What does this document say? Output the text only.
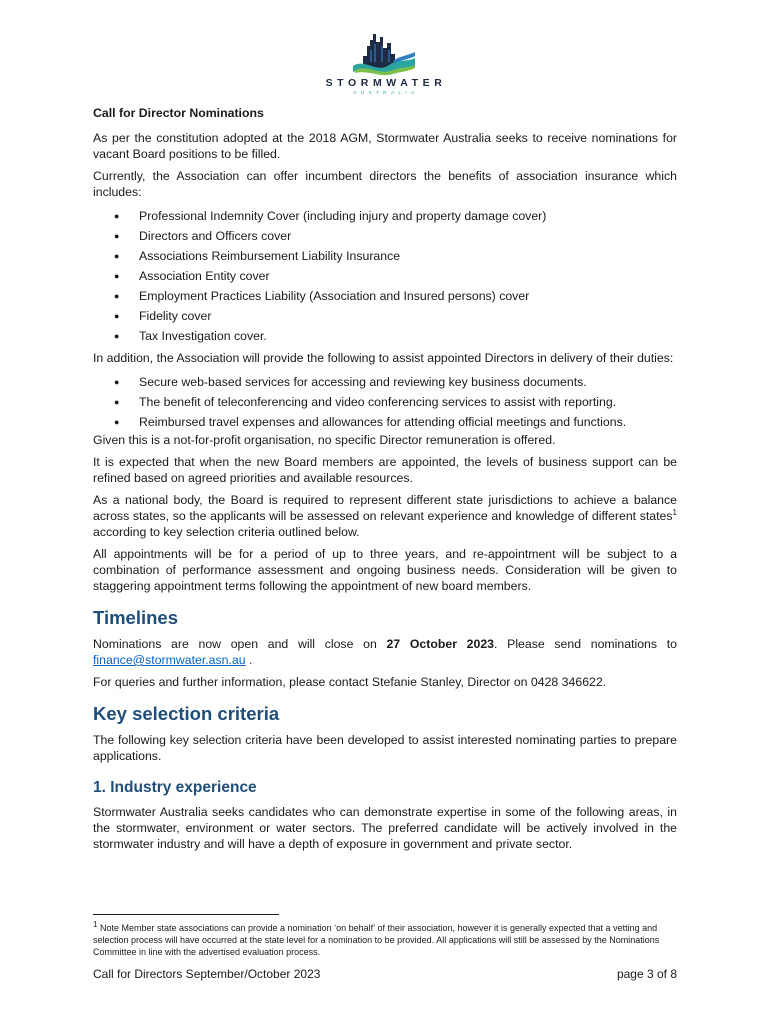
STORMWATER
AUSTRALIA

Call for Director Nominations

As per the constitution adopted at the 2018 AGM, Stormwater Australia seeks to receive nominations for vacant Board positions to be filled.

Currently, the Association can offer incumbent directors the benefits of association insurance which includes:

● Professional Indemnity Cover (including injury and property damage cover)
● Directors and Officers cover
● Associations Reimbursement Liability Insurance
● Association Entity cover
● Employment Practices Liability (Association and Insured persons) cover
● Fidelity cover
● Tax Investigation cover.

In addition, the Association will provide the following to assist appointed Directors in delivery of their duties:

● Secure web-based services for accessing and reviewing key business documents.
● The benefit of teleconferencing and video conferencing services to assist with reporting.
● Reimbursed travel expenses and allowances for attending official meetings and functions.

Given this is a not-for-profit organisation, no specific Director remuneration is offered.

It is expected that when the new Board members are appointed, the levels of business support can be refined based on agreed priorities and available resources.

As a national body, the Board is required to represent different state jurisdictions to achieve a balance across states, so the applicants will be assessed on relevant experience and knowledge of different states$^1$ according to key selection criteria outlined below.

All appointments will be for a period of up to three years, and re-appointment will be subject to a combination of performance assessment and ongoing business needs. Consideration will be given to staggering appointment terms following the appointment of new board members.

Timelines

Nominations are now open and will close on 27 October 2023. Please send nominations to finance@stormwater.asn.au .

For queries and further information, please contact Stefanie Stanley, Director on 0428 346622.

Key selection criteria

The following key selection criteria have been developed to assist interested nominating parties to prepare applications.

1. Industry experience

Stormwater Australia seeks candidates who can demonstrate expertise in some of the following areas, in the stormwater, environment or water sectors. The preferred candidate will be actively involved in the stormwater industry and will have a depth of exposure in government and private sector.

$^1$ Note Member state associations can provide a nomination ‘on behalf’ of their association, however it is generally expected that a vetting and selection process will have occurred at the state level for a nomination to be provided. All applications will still be assessed by the Nominations Committee in line with the advertised evaluation process.
Call for Directors September/October 2023	page 3 of 8
